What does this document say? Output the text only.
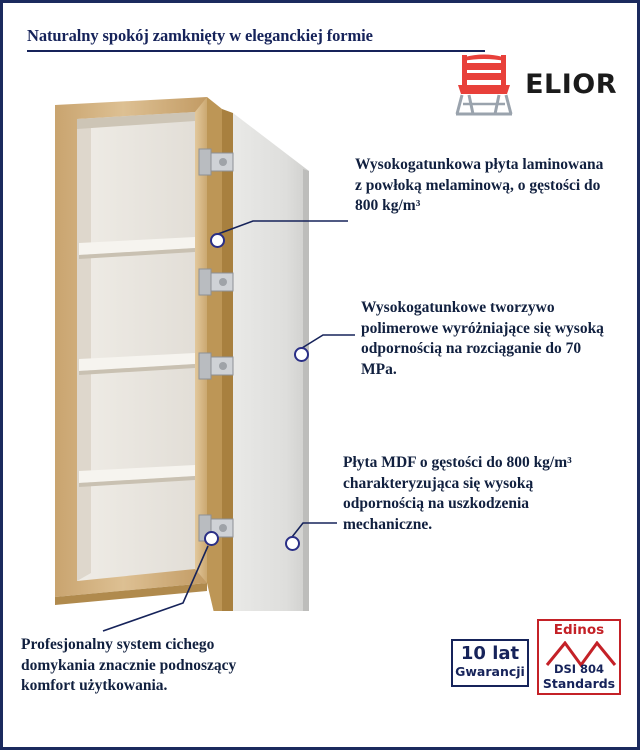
Naturalny spokój zamknięty w eleganckiej formie
ELIOR
Wysokogatunkowa płyta laminowana z powłoką melaminową, o gęstości do 800 kg/m³
Wysokogatunkowe tworzywo polimerowe wyróżniające się wysoką odpornością na rozciąganie do 70 MPa.
Płyta MDF o gęstości do 800 kg/m³ charakteryzująca się wysoką odpornością na uszkodzenia mechaniczne.
Profesjonalny system cichego domykania znacznie podnoszący komfort użytkowania.
10 lat
Gwarancji
Edinos
DSI 804
Standards
